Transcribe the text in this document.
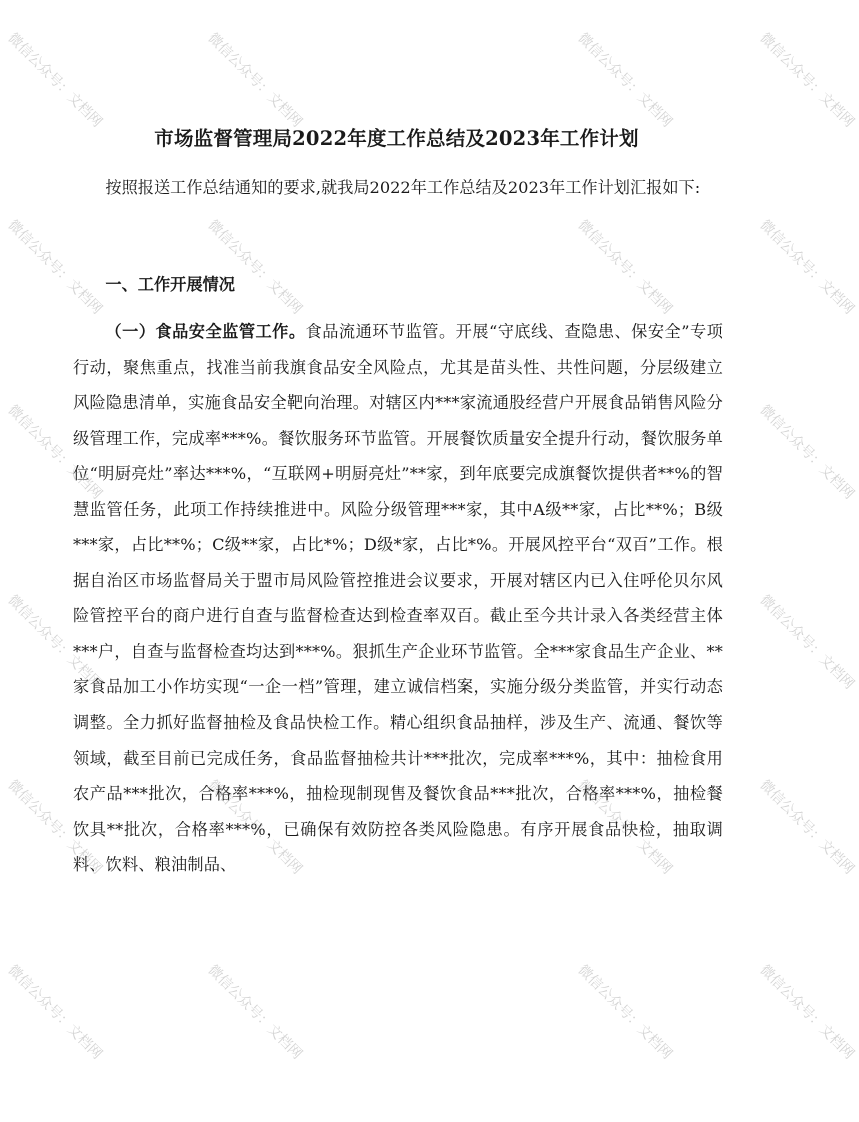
市场监督管理局2022年度工作总结及2023年工作计划

按照报送工作总结通知的要求,就我局2022年工作总结及2023年工作计划汇报如下:

一、工作开展情况

（一）食品安全监管工作。食品流通环节监管。开展“守底线、查隐患、保安全”专项行动，聚焦重点，找准当前我旗食品安全风险点，尤其是苗头性、共性问题，分层级建立风险隐患清单，实施食品安全靶向治理。对辖区内***家流通股经营户开展食品销售风险分级管理工作，完成率***%。餐饮服务环节监管。开展餐饮质量安全提升行动，餐饮服务单位“明厨亮灶”率达***%，“互联网+明厨亮灶”**家，到年底要完成旗餐饮提供者**%的智慧监管任务，此项工作持续推进中。风险分级管理***家，其中A级**家，占比**%；B级***家，占比**%；C级**家，占比*%；D级*家，占比*%。开展风控平台“双百”工作。根据自治区市场监督局关于盟市局风险管控推进会议要求，开展对辖区内已入住呼伦贝尔风险管控平台的商户进行自查与监督检查达到检查率双百。截止至今共计录入各类经营主体***户，自查与监督检查均达到***%。狠抓生产企业环节监管。全***家食品生产企业、**家食品加工小作坊实现“一企一档”管理，建立诚信档案，实施分级分类监管，并实行动态调整。全力抓好监督抽检及食品快检工作。精心组织食品抽样，涉及生产、流通、餐饮等领域，截至目前已完成任务，食品监督抽检共计***批次，完成率***%，其中：抽检食用农产品***批次，合格率***%，抽检现制现售及餐饮食品***批次，合格率***%，抽检餐饮具**批次，合格率***%，已确保有效防控各类风险隐患。有序开展食品快检，抽取调料、饮料、粮油制品、

微信公众号：文档网	微信公众号：文档网	微信公众号：文档网	微信公众号：文档网
微信公众号：文档网	微信公众号：文档网	微信公众号：文档网	微信公众号：文档网
微信公众号：文档网	微信公众号：文档网
微信公众号：文档网	微信公众号：文档网
微信公众号：文档网	微信公众号：文档网	微信公众号：文档网	微信公众号：文档网
微信公众号：文档网	微信公众号：文档网	微信公众号：文档网	微信公众号：文档网
